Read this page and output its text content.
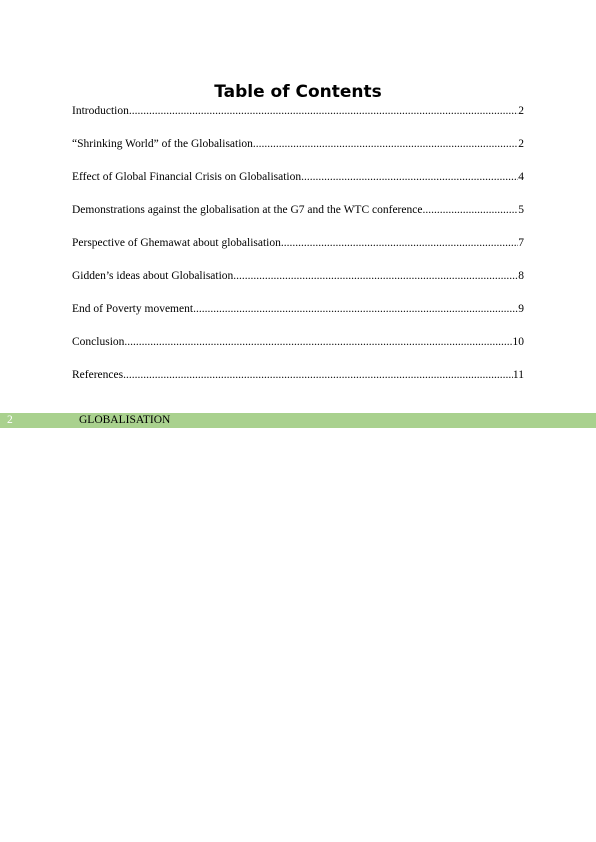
Table of Contents
Introduction .....	2
“Shrinking World” of the Globalisation .....	2
Effect of Global Financial Crisis on Globalisation .....	4
Demonstrations against the globalisation at the G7 and the WTC conference .....	5
Perspective of Ghemawat about globalisation .....	7
Gidden’s ideas about Globalisation .....	8
End of Poverty movement .....	9
Conclusion .....	10
References .....	11
2	GLOBALISATION
